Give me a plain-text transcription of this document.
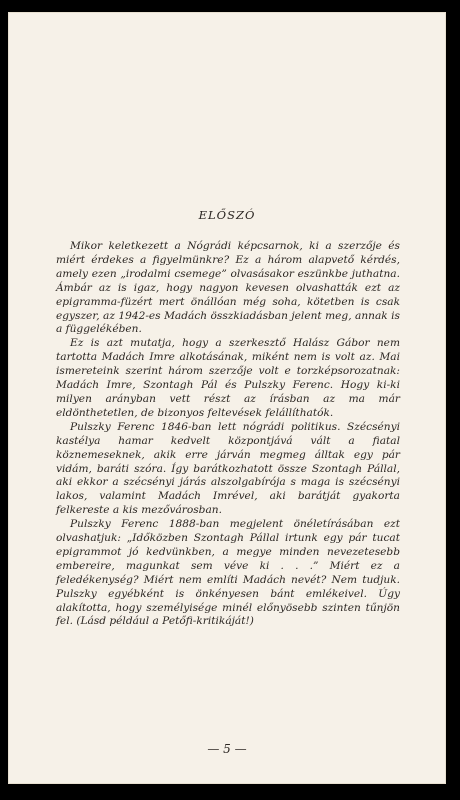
ELŐSZÓ

Mikor keletkezett a Nógrádi képcsarnok, ki a szerzője és miért érdekes a figyelmünkre? Ez a három alapvető kérdés, amely ezen „irodalmi csemege” olvasásakor eszünkbe juthatna. Ámbár az is igaz, hogy nagyon kevesen olvashatták ezt az epigramma-füzért mert önállóan még soha, kötetben is csak egyszer, az 1942-es Madách összkiadásban jelent meg, annak is a függelékében.

Ez is azt mutatja, hogy a szerkesztő Halász Gábor nem tartotta Madách Imre alkotásának, miként nem is volt az. Mai ismereteink szerint három szerzője volt e torzképsorozatnak: Madách Imre, Szontagh Pál és Pulszky Ferenc. Hogy ki-ki milyen arányban vett részt az írásban az ma már eldönthetetlen, de bizonyos feltevések felállíthatók.

Pulszky Ferenc 1846-ban lett nógrádi politikus. Szécsényi kastélya hamar kedvelt központjává vált a fiatal köznemeseknek, akik erre járván megmeg álltak egy pár vidám, baráti szóra. Így barátkozhatott össze Szontagh Pállal, aki ekkor a szécsényi járás alszolgabírója s maga is szécsényi lakos, valamint Madách Imrével, aki barátját gyakorta felkereste a kis mezővárosban.

Pulszky Ferenc 1888-ban megjelent önéletírásában ezt olvashatjuk: „Időközben Szontagh Pállal irtunk egy pár tucat epigrammot jó kedvünkben, a megye minden nevezetesebb embereire, magunkat sem véve ki . . .” Miért ez a feledékenység? Miért nem említi Madách nevét? Nem tudjuk. Pulszky egyébként is önkényesen bánt emlékeivel. Úgy alakította, hogy személyisége minél előnyösebb szinten tűnjön fel. (Lásd például a Petőfi-kritikáját!)

— 5 —
